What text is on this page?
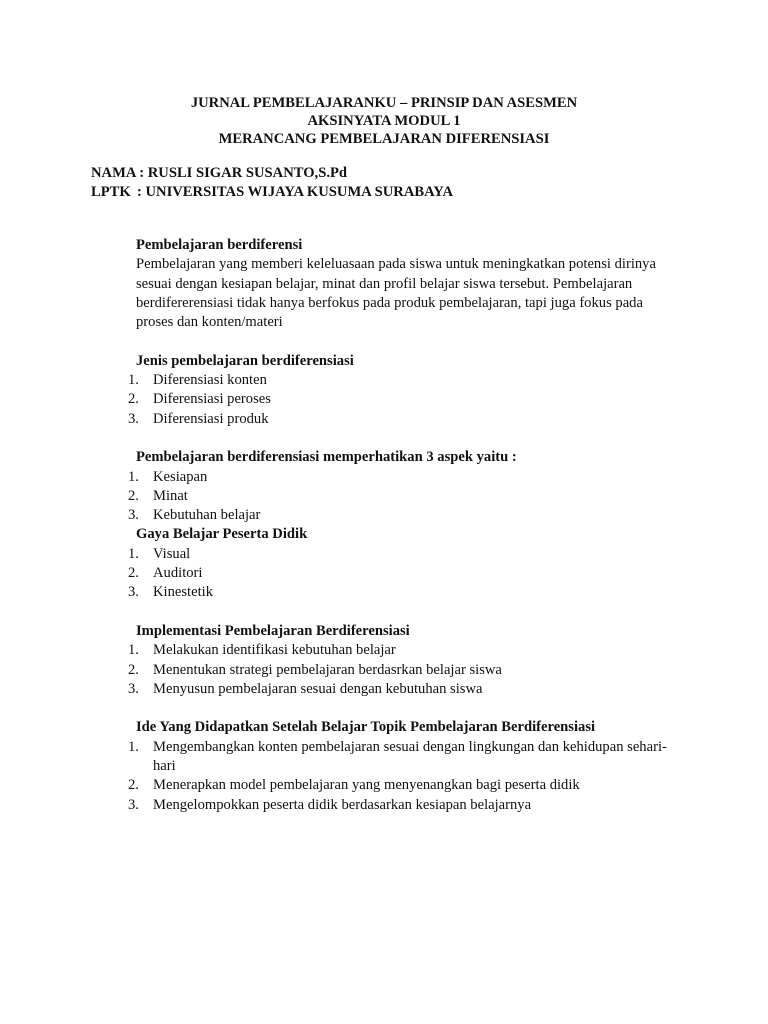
JURNAL PEMBELAJARANKU – PRINSIP DAN ASESMEN
AKSINYATA MODUL 1
MERANCANG PEMBELAJARAN DIFERENSIASI
NAMA : RUSLI SIGAR SUSANTO,S.Pd
LPTK : UNIVERSITAS WIJAYA KUSUMA SURABAYA
Pembelajaran berdiferensi

Pembelajaran yang memberi keleluasaan pada siswa untuk meningkatkan potensi dirinya sesuai dengan kesiapan belajar, minat dan profil belajar siswa tersebut. Pembelajaran berdifererensiasi tidak hanya berfokus pada produk pembelajaran, tapi juga fokus pada proses dan konten/materi

Jenis pembelajaran berdiferensiasi
1. Diferensiasi konten
2. Diferensiasi peroses
3. Diferensiasi produk
Pembelajaran berdiferensiasi memperhatikan 3 aspek yaitu :
1. Kesiapan
2. Minat
3. Kebutuhan belajar
Gaya Belajar Peserta Didik
1. Visual
2. Auditori
3. Kinestetik
Implementasi Pembelajaran Berdiferensiasi
1. Melakukan identifikasi kebutuhan belajar
2. Menentukan strategi pembelajaran berdasrkan belajar siswa
3. Menyusun pembelajaran sesuai dengan kebutuhan siswa
Ide Yang Didapatkan Setelah Belajar Topik Pembelajaran Berdiferensiasi
1. Mengembangkan konten pembelajaran sesuai dengan lingkungan dan kehidupan sehari-hari
2. Menerapkan model pembelajaran yang menyenangkan bagi peserta didik
3. Mengelompokkan peserta didik berdasarkan kesiapan belajarnya
